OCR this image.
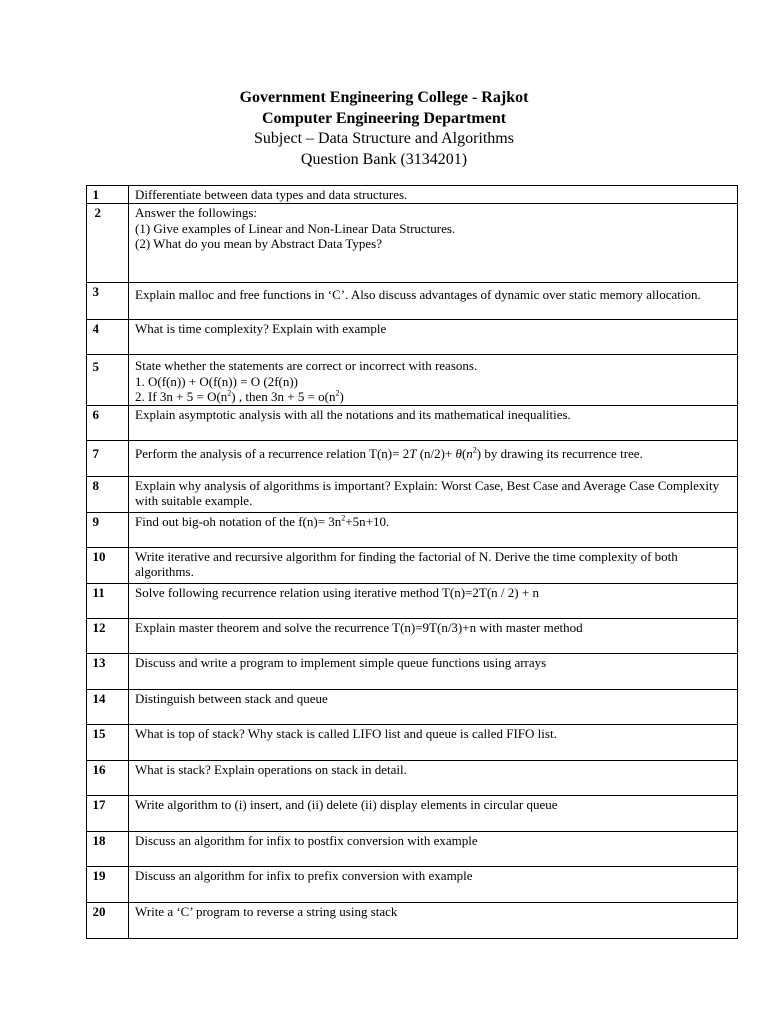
Government Engineering College - Rajkot
Computer Engineering Department
Subject – Data Structure and Algorithms
Question Bank (3134201)
1	Differentiate between data types and data structures.

2	Answer the followings:
(1) Give examples of Linear and Non-Linear Data Structures.
(2) What do you mean by Abstract Data Types?

3	Explain malloc and free functions in ‘C’. Also discuss advantages of dynamic over static memory allocation.

4	What is time complexity? Explain with example

5	State whether the statements are correct or incorrect with reasons.
1. O(f(n)) + O(f(n)) = O (2f(n))
2. If $3n + 5 = O(n^2)$ , then $3n + 5 = o(n^2)$

6	Explain asymptotic analysis with all the notations and its mathematical inequalities.

7	Perform the analysis of a recurrence relation T(n)= 2T $(n/2)+ \theta(n^2)$ by drawing its recurrence tree.

8	Explain why analysis of algorithms is important? Explain: Worst Case, Best Case and Average Case Complexity with suitable example.

9	Find out big-oh notation of the $f(n)= 3n^2+5n+10$.

10	Write iterative and recursive algorithm for finding the factorial of N. Derive the time complexity of both algorithms.

11	Solve following recurrence relation using iterative method T(n)=2T(n / 2) + n

12	Explain master theorem and solve the recurrence T(n)=9T(n/3)+n with master method

13	Discuss and write a program to implement simple queue functions using arrays

14	Distinguish between stack and queue

15	What is top of stack? Why stack is called LIFO list and queue is called FIFO list.

16	What is stack? Explain operations on stack in detail.

17	Write algorithm to (i) insert, and (ii) delete (ii) display elements in circular queue

18	Discuss an algorithm for infix to postfix conversion with example

19	Discuss an algorithm for infix to prefix conversion with example

20	Write a ‘C’ program to reverse a string using stack
